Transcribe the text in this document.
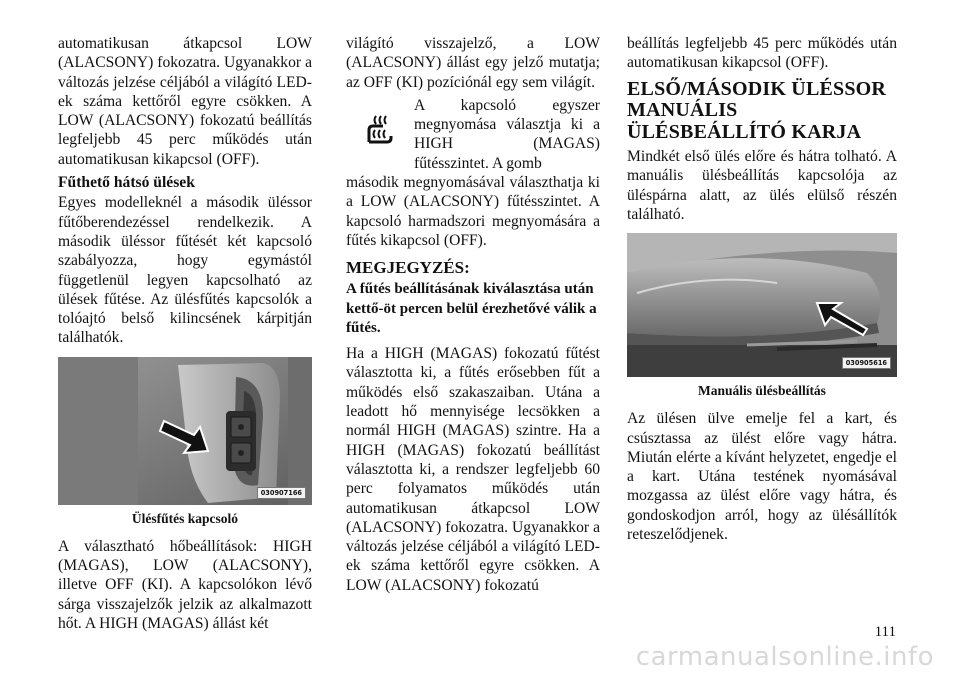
automatikusan átkapcsol LOW (ALACSONY) fokozatra. Ugyanakkor a változás jelzése céljából a világító LED-ek száma kettőről egyre csökken. A LOW (ALACSONY) fokozatú beállítás legfeljebb 45 perc működés után automatikusan kikapcsol (OFF).

Fűthető hátsó ülések

Egyes modelleknél a második üléssor fűtőberendezéssel rendelkezik. A második üléssor fűtését két kapcsoló szabályozza, hogy egymástól függetlenül legyen kapcsolható az ülések fűtése. Az ülésfűtés kapcsolók a tolóajtó belső kilincsének kárpitján találhatók.

030907166
Ülésfűtés kapcsoló

A választható hőbeállítások: HIGH (MAGAS), LOW (ALACSONY), illetve OFF (KI). A kapcsolókon lévő sárga visszajelzők jelzik az alkalmazott hőt. A HIGH (MAGAS) állást két

világító visszajelző, a LOW (ALACSONY) állást egy jelző mutatja; az OFF (KI) pozíciónál egy sem világít.

A kapcsoló egyszer megnyomása választja ki a HIGH (MAGAS) fűtésszintet. A gomb

második megnyomásával választhatja ki a LOW (ALACSONY) fűtésszintet. A kapcsoló harmadszori megnyomására a fűtés kikapcsol (OFF).

MEGJEGYZÉS:

A fűtés beállításának kiválasztása után kettő-öt percen belül érezhetővé válik a fűtés.

Ha a HIGH (MAGAS) fokozatú fűtést választotta ki, a fűtés erősebben fűt a működés első szakaszaiban. Utána a leadott hő mennyisége lecsökken a normál HIGH (MAGAS) szintre. Ha a HIGH (MAGAS) fokozatú beállítást választotta ki, a rendszer legfeljebb 60 perc folyamatos működés után automatikusan átkapcsol LOW (ALACSONY) fokozatra. Ugyanakkor a változás jelzése céljából a világító LED-ek száma kettőről egyre csökken. A LOW (ALACSONY) fokozatú

beállítás legfeljebb 45 perc működés után automatikusan kikapcsol (OFF).

ELSŐ/MÁSODIK ÜLÉSSOR MANUÁLIS ÜLÉSBEÁLLÍTÓ KARJA

Mindkét első ülés előre és hátra tolható. A manuális ülésbeállítás kapcsolója az üléspárna alatt, az ülés elülső részén található.

030905616
Manuális ülésbeállítás

Az ülésen ülve emelje fel a kart, és csúsztassa az ülést előre vagy hátra. Miután elérte a kívánt helyzetet, engedje el a kart. Utána testének nyomásával mozgassa az ülést előre vagy hátra, és gondoskodjon arról, hogy az ülésállítók reteszelődjenek.

111
carmanualsonline.info
